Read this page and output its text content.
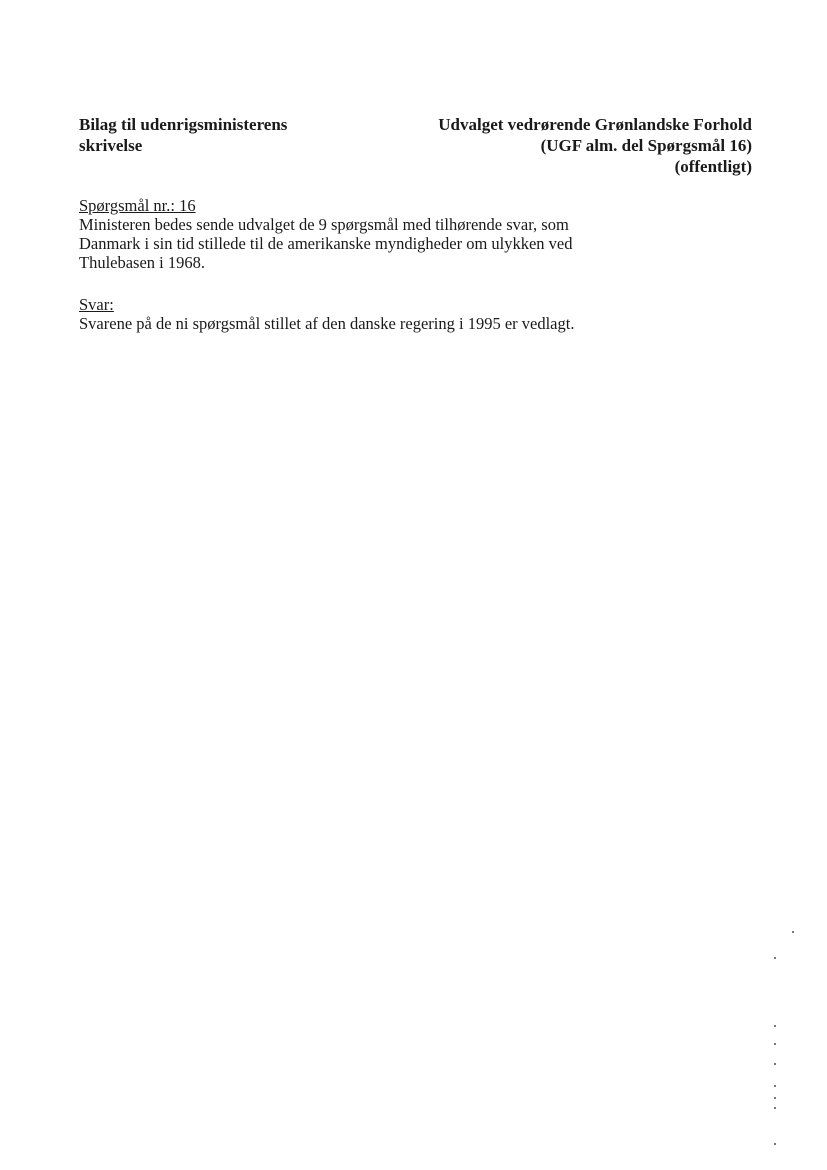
Bilag til udenrigsministerens
skrivelse
Udvalget vedrørende Grønlandske Forhold
(UGF alm. del Spørgsmål 16)
(offentligt)
Spørgsmål nr.: 16
Ministeren bedes sende udvalget de 9 spørgsmål med tilhørende svar, som
Danmark i sin tid stillede til de amerikanske myndigheder om ulykken ved
Thulebasen i 1968.
Svar:
Svarene på de ni spørgsmål stillet af den danske regering i 1995 er vedlagt.
